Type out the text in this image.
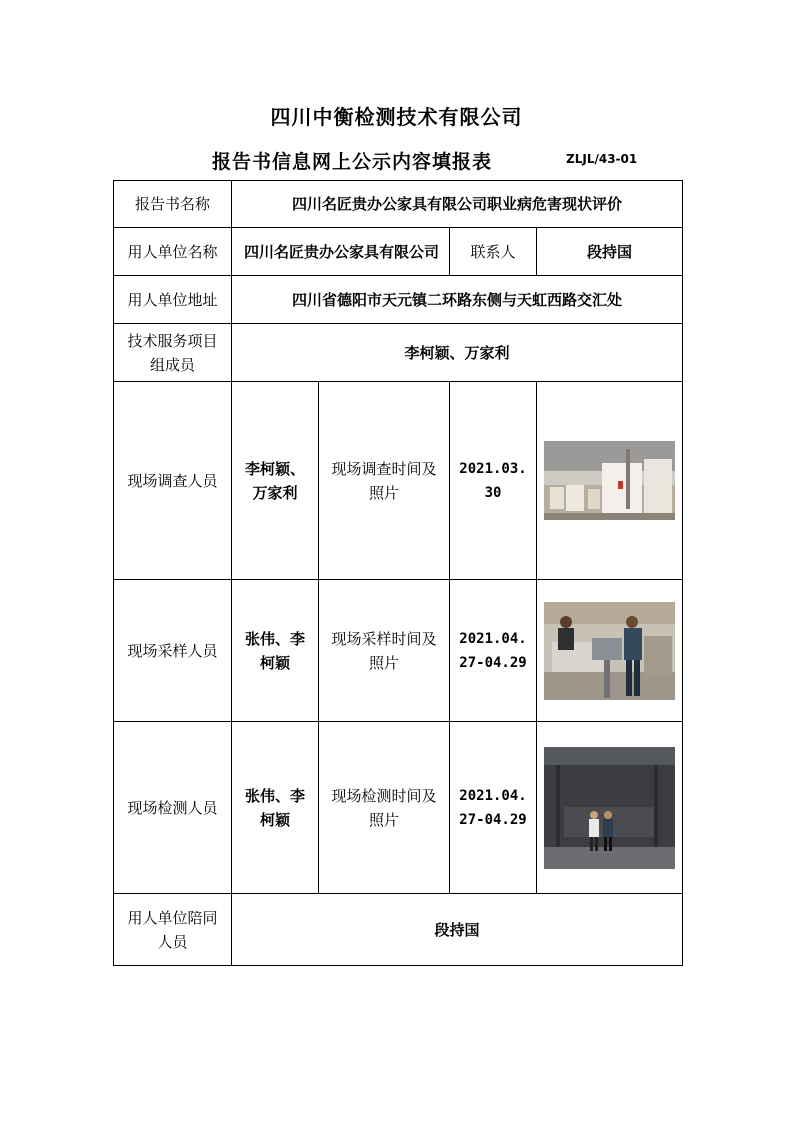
四川中衡检测技术有限公司
报告书信息网上公示内容填报表	ZLJL/43-01
报告书名称	四川名匠贵办公家具有限公司职业病危害现状评价			
用人单位名称	四川名匠贵办公家具有限公司		联系人	段持国
用人单位地址	四川省德阳市天元镇二环路东侧与天虹西路交汇处			
技术服务项目组成员	李柯颖、万家利			
现场调查人员	李柯颖、万家利	现场调查时间及照片	2021.03.30	

现场采样人员	张伟、李柯颖	现场采样时间及照片	2021.04.27-04.29	

现场检测人员	张伟、李柯颖	现场检测时间及照片	2021.04.27-04.29	

用人单位陪同人员	段持国			
